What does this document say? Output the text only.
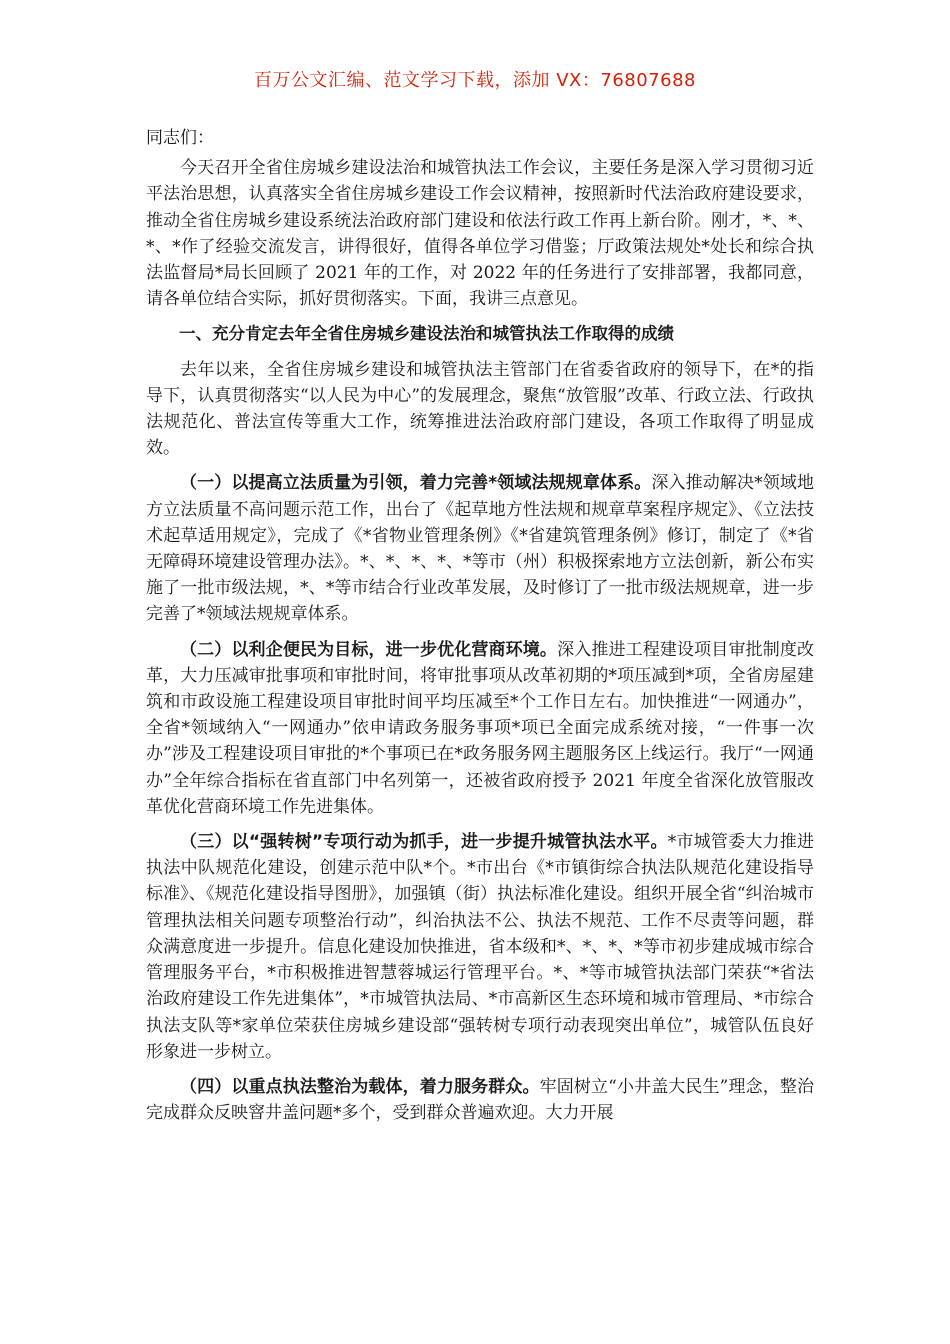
百万公文汇编、范文学习下载，添加 VX：76807688

同志们：

今天召开全省住房城乡建设法治和城管执法工作会议，主要任务是深入学习贯彻习近平法治思想，认真落实全省住房城乡建设工作会议精神，按照新时代法治政府建设要求，推动全省住房城乡建设系统法治政府部门建设和依法行政工作再上新台阶。刚才，*、*、*、*作了经验交流发言，讲得很好，值得各单位学习借鉴；厅政策法规处*处长和综合执法监督局*局长回顾了 2021 年的工作，对 2022 年的任务进行了安排部署，我都同意，请各单位结合实际，抓好贯彻落实。下面，我讲三点意见。

一、充分肯定去年全省住房城乡建设法治和城管执法工作取得的成绩

去年以来，全省住房城乡建设和城管执法主管部门在省委省政府的领导下，在*的指导下，认真贯彻落实“以人民为中心”的发展理念，聚焦“放管服”改革、行政立法、行政执法规范化、普法宣传等重大工作，统筹推进法治政府部门建设，各项工作取得了明显成效。

（一）以提高立法质量为引领，着力完善*领域法规规章体系。深入推动解决*领域地方立法质量不高问题示范工作，出台了《起草地方性法规和规章草案程序规定》、《立法技术起草适用规定》，完成了《*省物业管理条例》《*省建筑管理条例》修订，制定了《*省无障碍环境建设管理办法》。*、*、*、*、*等市（州）积极探索地方立法创新，新公布实施了一批市级法规，*、*等市结合行业改革发展，及时修订了一批市级法规规章，进一步完善了*领域法规规章体系。

（二）以利企便民为目标，进一步优化营商环境。深入推进工程建设项目审批制度改革，大力压减审批事项和审批时间，将审批事项从改革初期的*项压减到*项，全省房屋建筑和市政设施工程建设项目审批时间平均压减至*个工作日左右。加快推进“一网通办”，全省*领域纳入“一网通办”依申请政务服务事项*项已全面完成系统对接，“一件事一次办”涉及工程建设项目审批的*个事项已在*政务服务网主题服务区上线运行。我厅“一网通办”全年综合指标在省直部门中名列第一，还被省政府授予 2021 年度全省深化放管服改革优化营商环境工作先进集体。

（三）以“强转树”专项行动为抓手，进一步提升城管执法水平。*市城管委大力推进执法中队规范化建设，创建示范中队*个。*市出台《*市镇街综合执法队规范化建设指导标准》、《规范化建设指导图册》，加强镇（街）执法标准化建设。组织开展全省“纠治城市管理执法相关问题专项整治行动”，纠治执法不公、执法不规范、工作不尽责等问题，群众满意度进一步提升。信息化建设加快推进，省本级和*、*、*、*等市初步建成城市综合管理服务平台，*市积极推进智慧蓉城运行管理平台。*、*等市城管执法部门荣获“*省法治政府建设工作先进集体”，*市城管执法局、*市高新区生态环境和城市管理局、*市综合执法支队等*家单位荣获住房城乡建设部“强转树专项行动表现突出单位”，城管队伍良好形象进一步树立。

（四）以重点执法整治为载体，着力服务群众。牢固树立“小井盖大民生”理念，整治完成群众反映窨井盖问题*多个，受到群众普遍欢迎。大力开展
